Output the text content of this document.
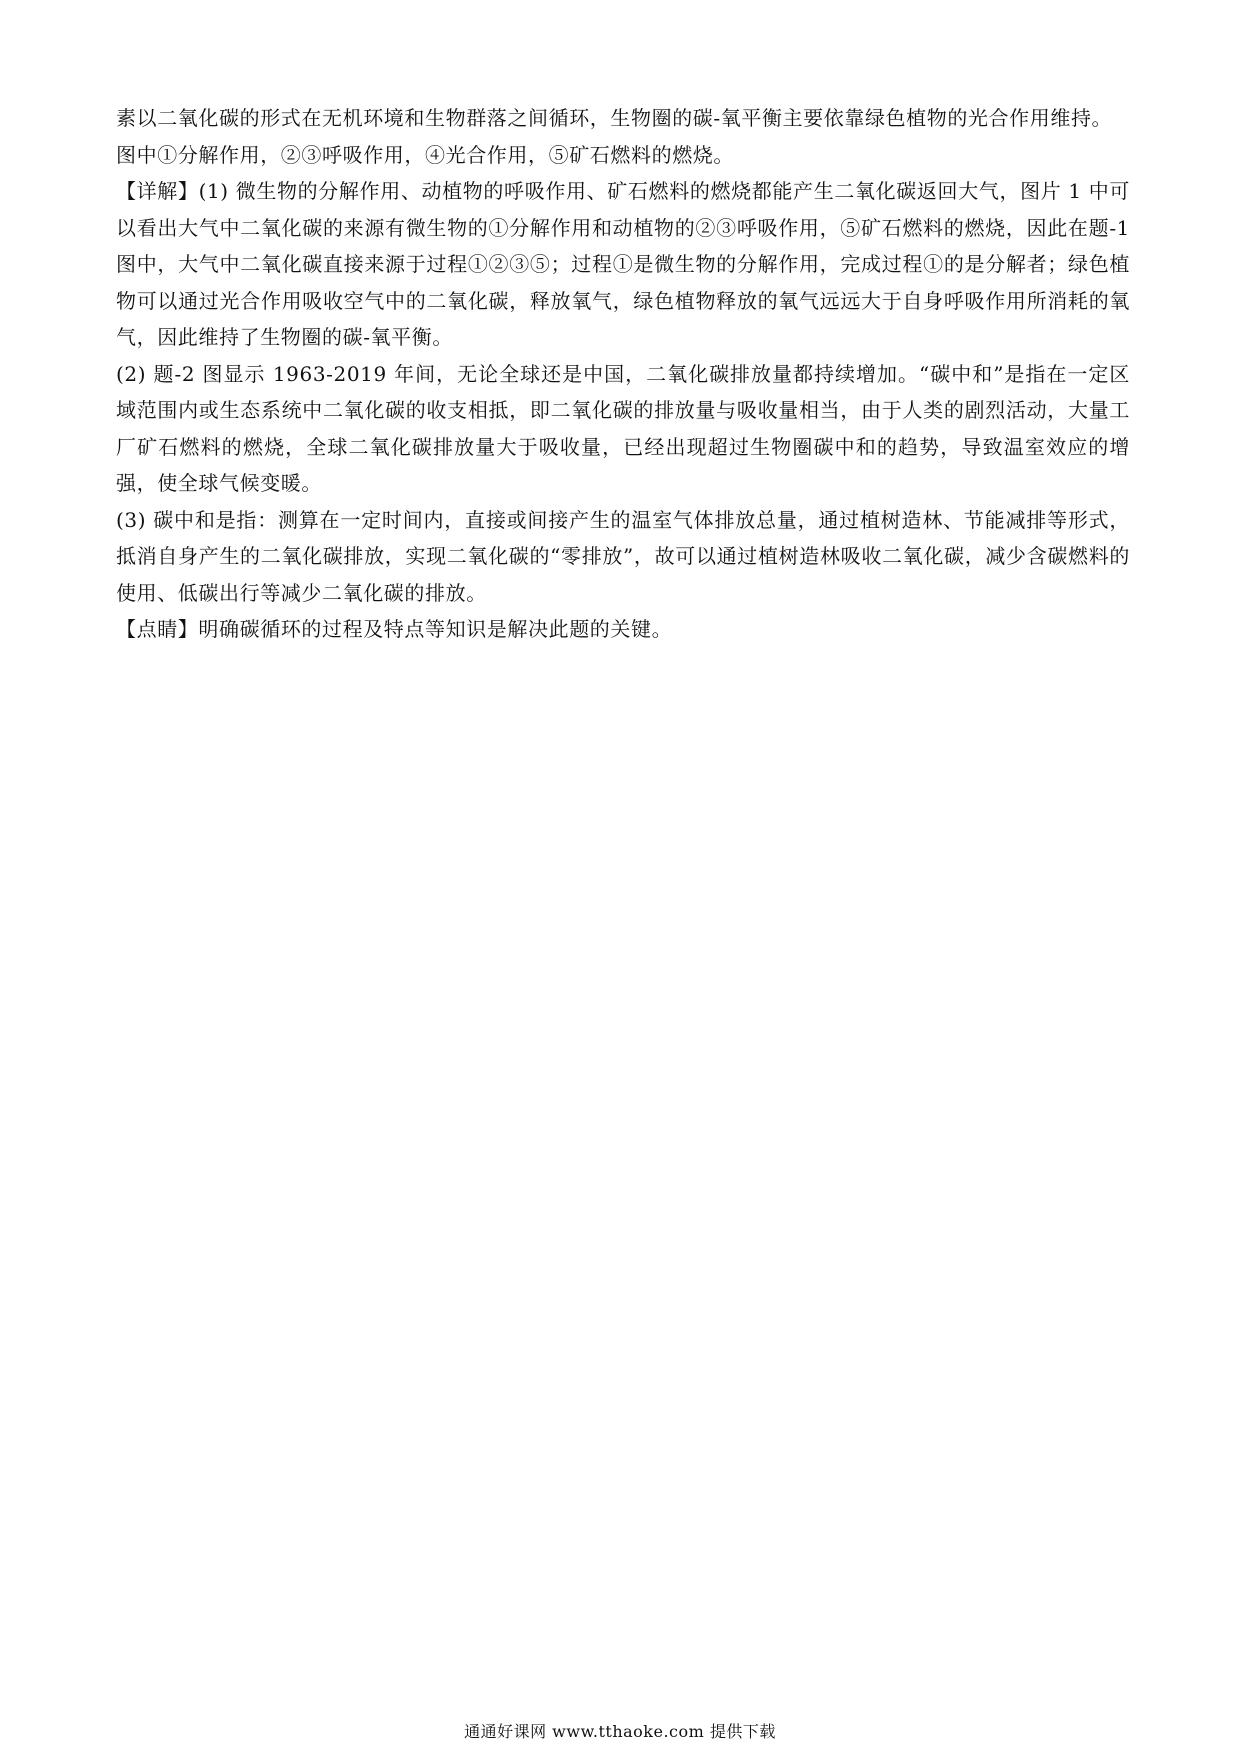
素以二氧化碳的形式在无机环境和生物群落之间循环，生物圈的碳-氧平衡主要依靠绿色植物的光合作用维持。

图中①分解作用，②③呼吸作用，④光合作用，⑤矿石燃料的燃烧。

【详解】(1) 微生物的分解作用、动植物的呼吸作用、矿石燃料的燃烧都能产生二氧化碳返回大气，图片 1 中可以看出大气中二氧化碳的来源有微生物的①分解作用和动植物的②③呼吸作用，⑤矿石燃料的燃烧，因此在题-1 图中，大气中二氧化碳直接来源于过程①②③⑤；过程①是微生物的分解作用，完成过程①的是分解者；绿色植物可以通过光合作用吸收空气中的二氧化碳，释放氧气，绿色植物释放的氧气远远大于自身呼吸作用所消耗的氧气，因此维持了生物圈的碳-氧平衡。

(2) 题-2 图显示 1963-2019 年间，无论全球还是中国，二氧化碳排放量都持续增加。“碳中和”是指在一定区域范围内或生态系统中二氧化碳的收支相抵，即二氧化碳的排放量与吸收量相当，由于人类的剧烈活动，大量工厂矿石燃料的燃烧，全球二氧化碳排放量大于吸收量，已经出现超过生物圈碳中和的趋势，导致温室效应的增强，使全球气候变暖。

(3) 碳中和是指：测算在一定时间内，直接或间接产生的温室气体排放总量，通过植树造林、节能减排等形式，抵消自身产生的二氧化碳排放，实现二氧化碳的“零排放”，故可以通过植树造林吸收二氧化碳，减少含碳燃料的使用、低碳出行等减少二氧化碳的排放。

【点睛】明确碳循环的过程及特点等知识是解决此题的关键。

通通好课网 www.tthaoke.com 提供下载
